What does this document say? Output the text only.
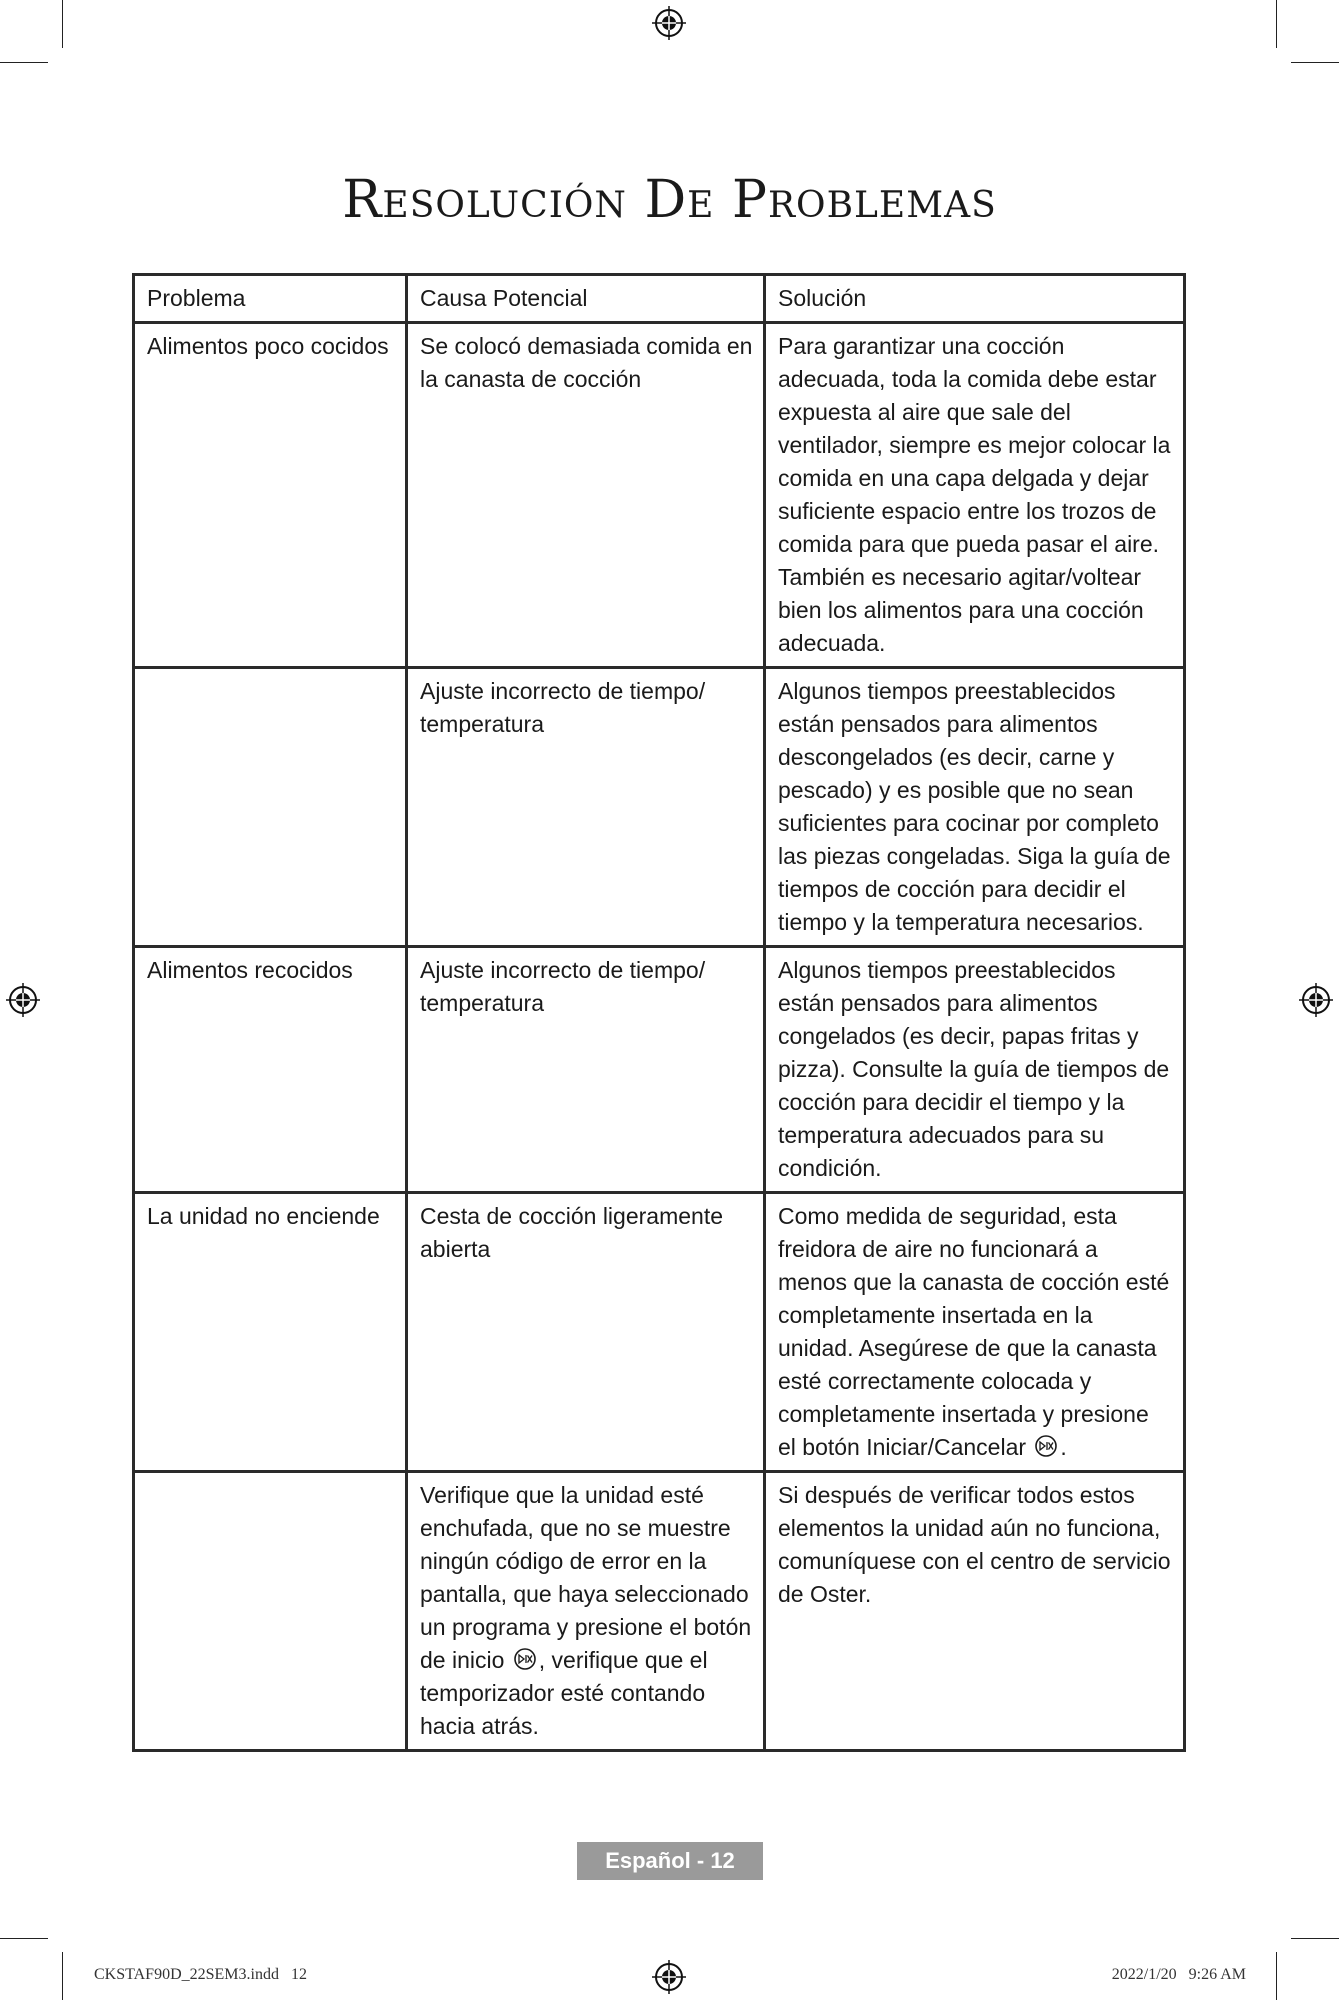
Resolución De Problemas
Problema	Causa Potencial	Solución
Alimentos poco cocidos	Se colocó demasiada comida en la canasta de cocción	Para garantizar una cocción adecuada, toda la comida debe estar expuesta al aire que sale del ventilador, siempre es mejor colocar la comida en una capa delgada y dejar suficiente espacio entre los trozos de comida para que pueda pasar el aire. También es necesario agitar/voltear bien los alimentos para una cocción adecuada.
	Ajuste incorrecto de tiempo/ temperatura	Algunos tiempos preestablecidos están pensados para alimentos descongelados (es decir, carne y pescado) y es posible que no sean suficientes para cocinar por completo las piezas congeladas. Siga la guía de tiempos de cocción para decidir el tiempo y la temperatura necesarios.
Alimentos recocidos	Ajuste incorrecto de tiempo/ temperatura	Algunos tiempos preestablecidos están pensados para alimentos congelados (es decir, papas fritas y pizza). Consulte la guía de tiempos de cocción para decidir el tiempo y la temperatura adecuados para su condición.
La unidad no enciende	Cesta de cocción ligeramente abierta	Como medida de seguridad, esta freidora de aire no funcionará a menos que la canasta de cocción esté completamente insertada en la unidad. Asegúrese de que la canasta esté correctamente colocada y completamente insertada y presione el botón Iniciar/Cancelar .
	Verifique que la unidad esté enchufada, que no se muestre ningún código de error en la pantalla, que haya seleccionado un programa y presione el botón de inicio , verifique que el temporizador esté contando hacia atrás.	Si después de verificar todos estos elementos la unidad aún no funciona, comuníquese con el centro de servicio de Oster.
Español - 12
CKSTAF90D_22SEM3.indd   12	2022/1/20   9:26 AM
